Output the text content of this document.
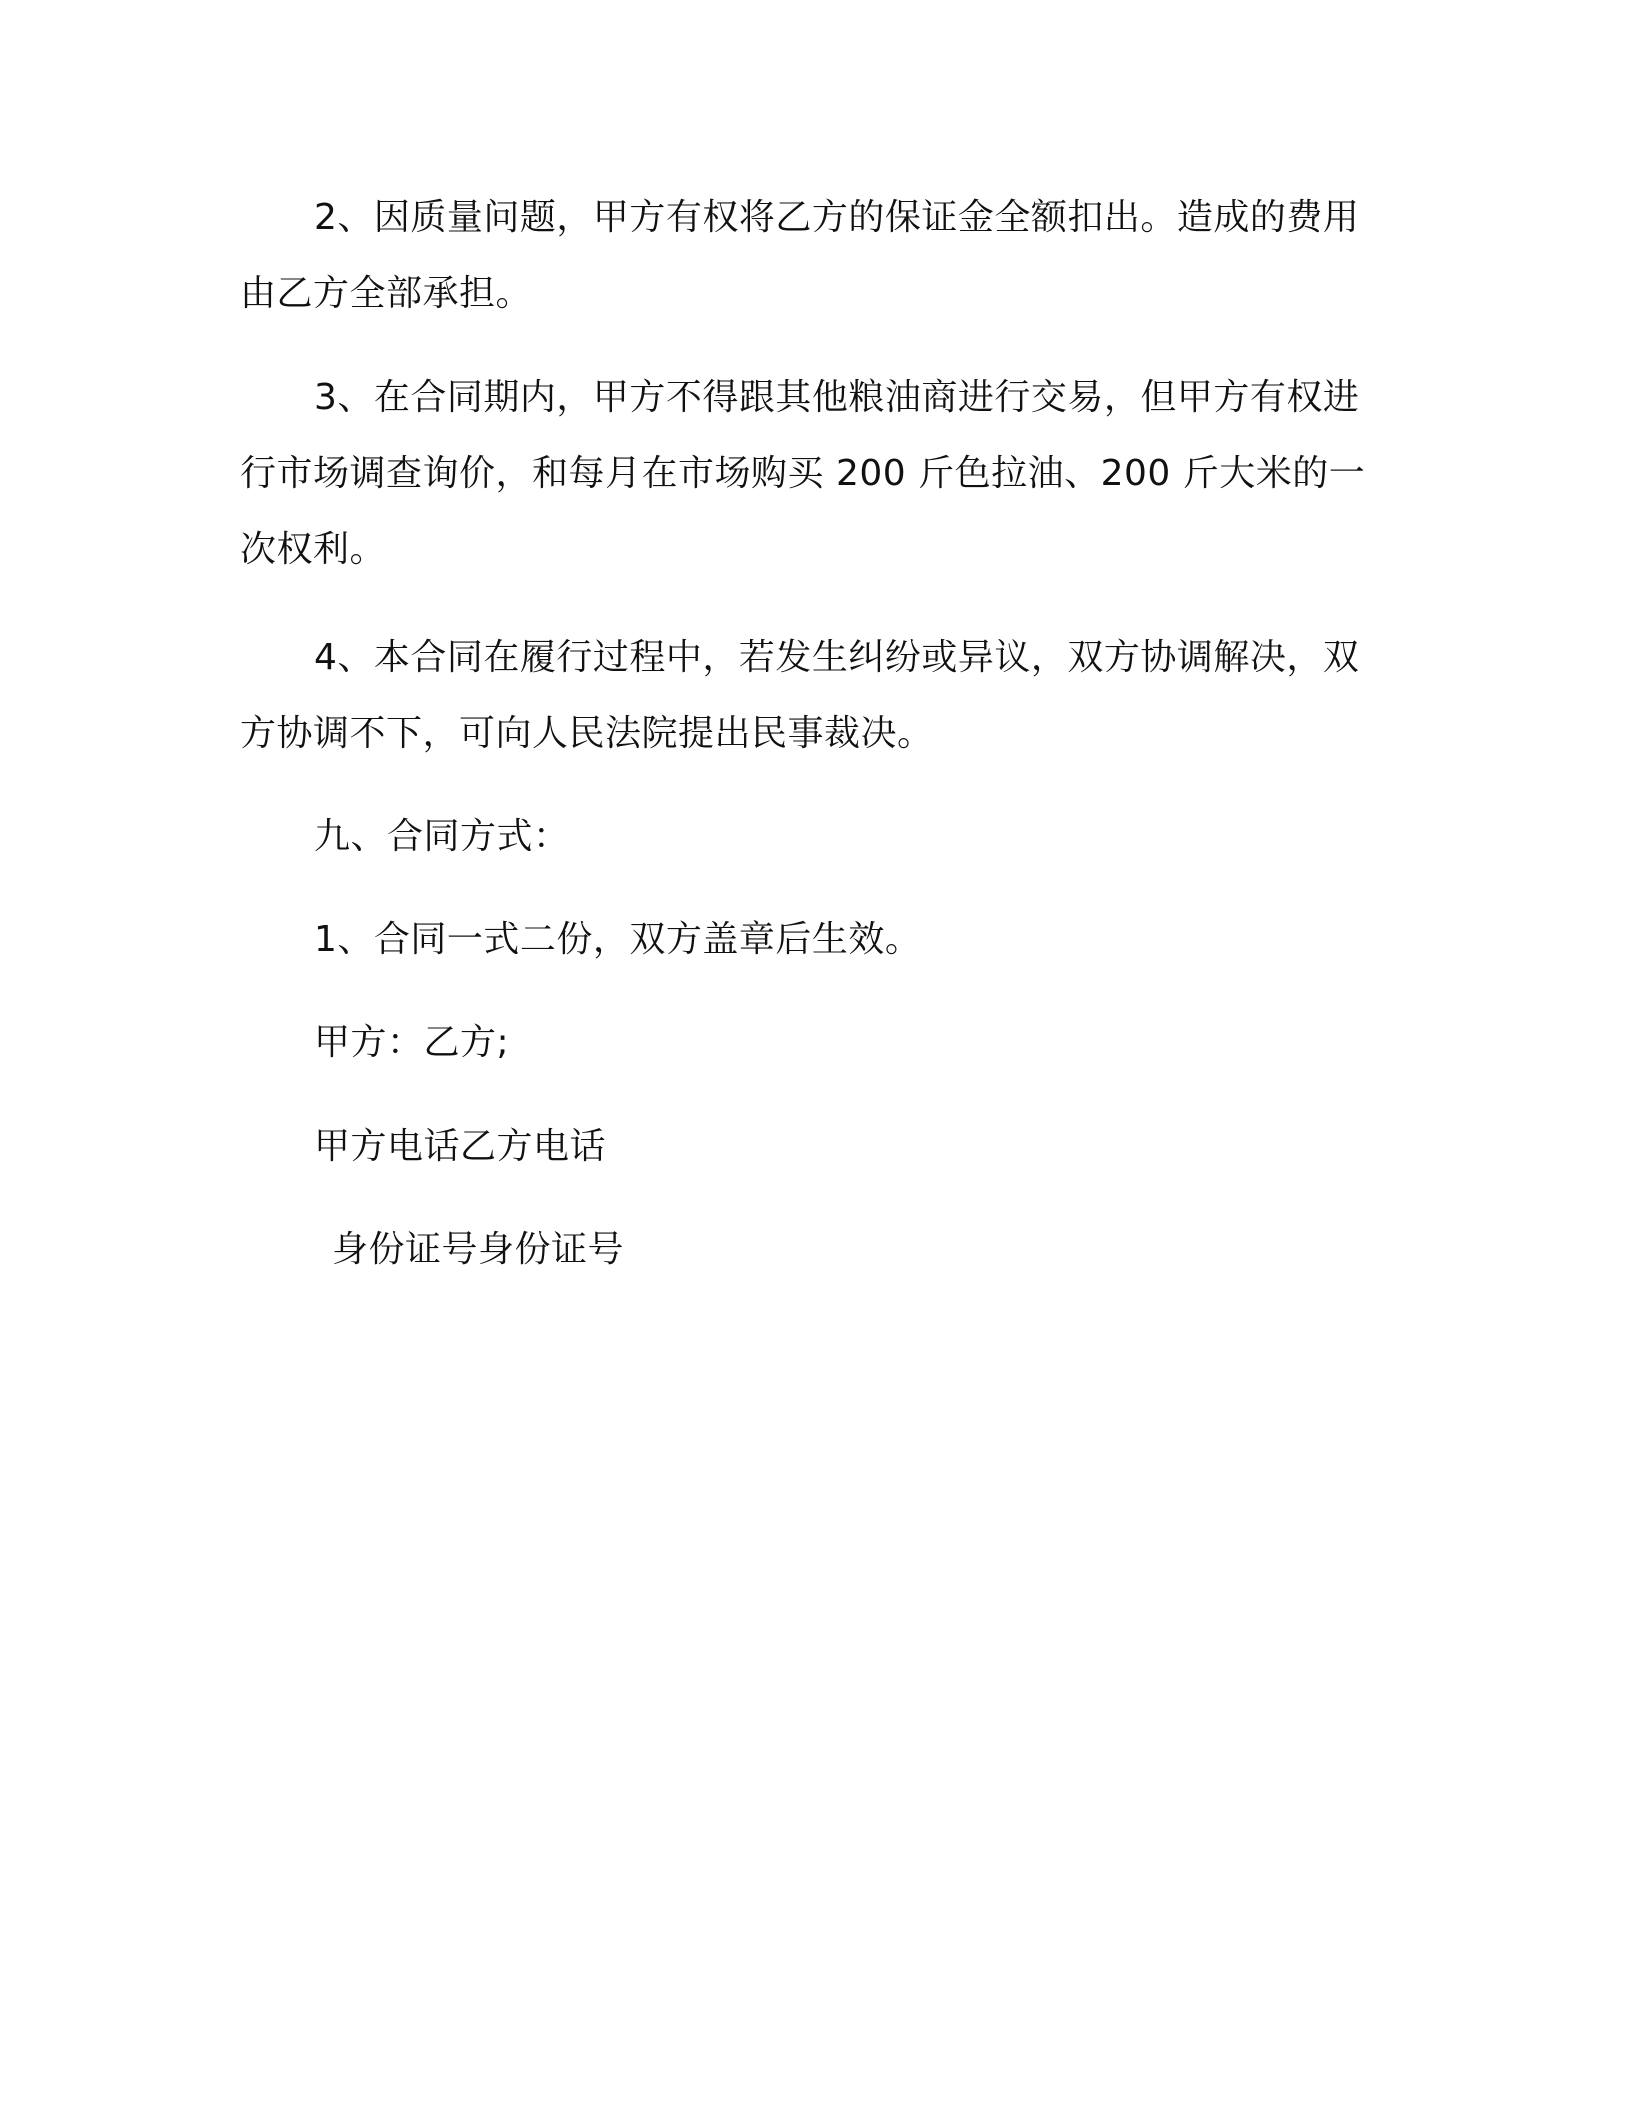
2、因质量问题，甲方有权将乙方的保证金全额扣出。造成的费用由乙方全部承担。

3、在合同期内，甲方不得跟其他粮油商进行交易，但甲方有权进行市场调查询价，和每月在市场购买 200 斤色拉油、200 斤大米的一次权利。

4、本合同在履行过程中，若发生纠纷或异议，双方协调解决，双方协调不下，可向人民法院提出民事裁决。

九、合同方式：
1、合同一式二份，双方盖章后生效。
甲方：乙方;
甲方电话乙方电话
身份证号身份证号
